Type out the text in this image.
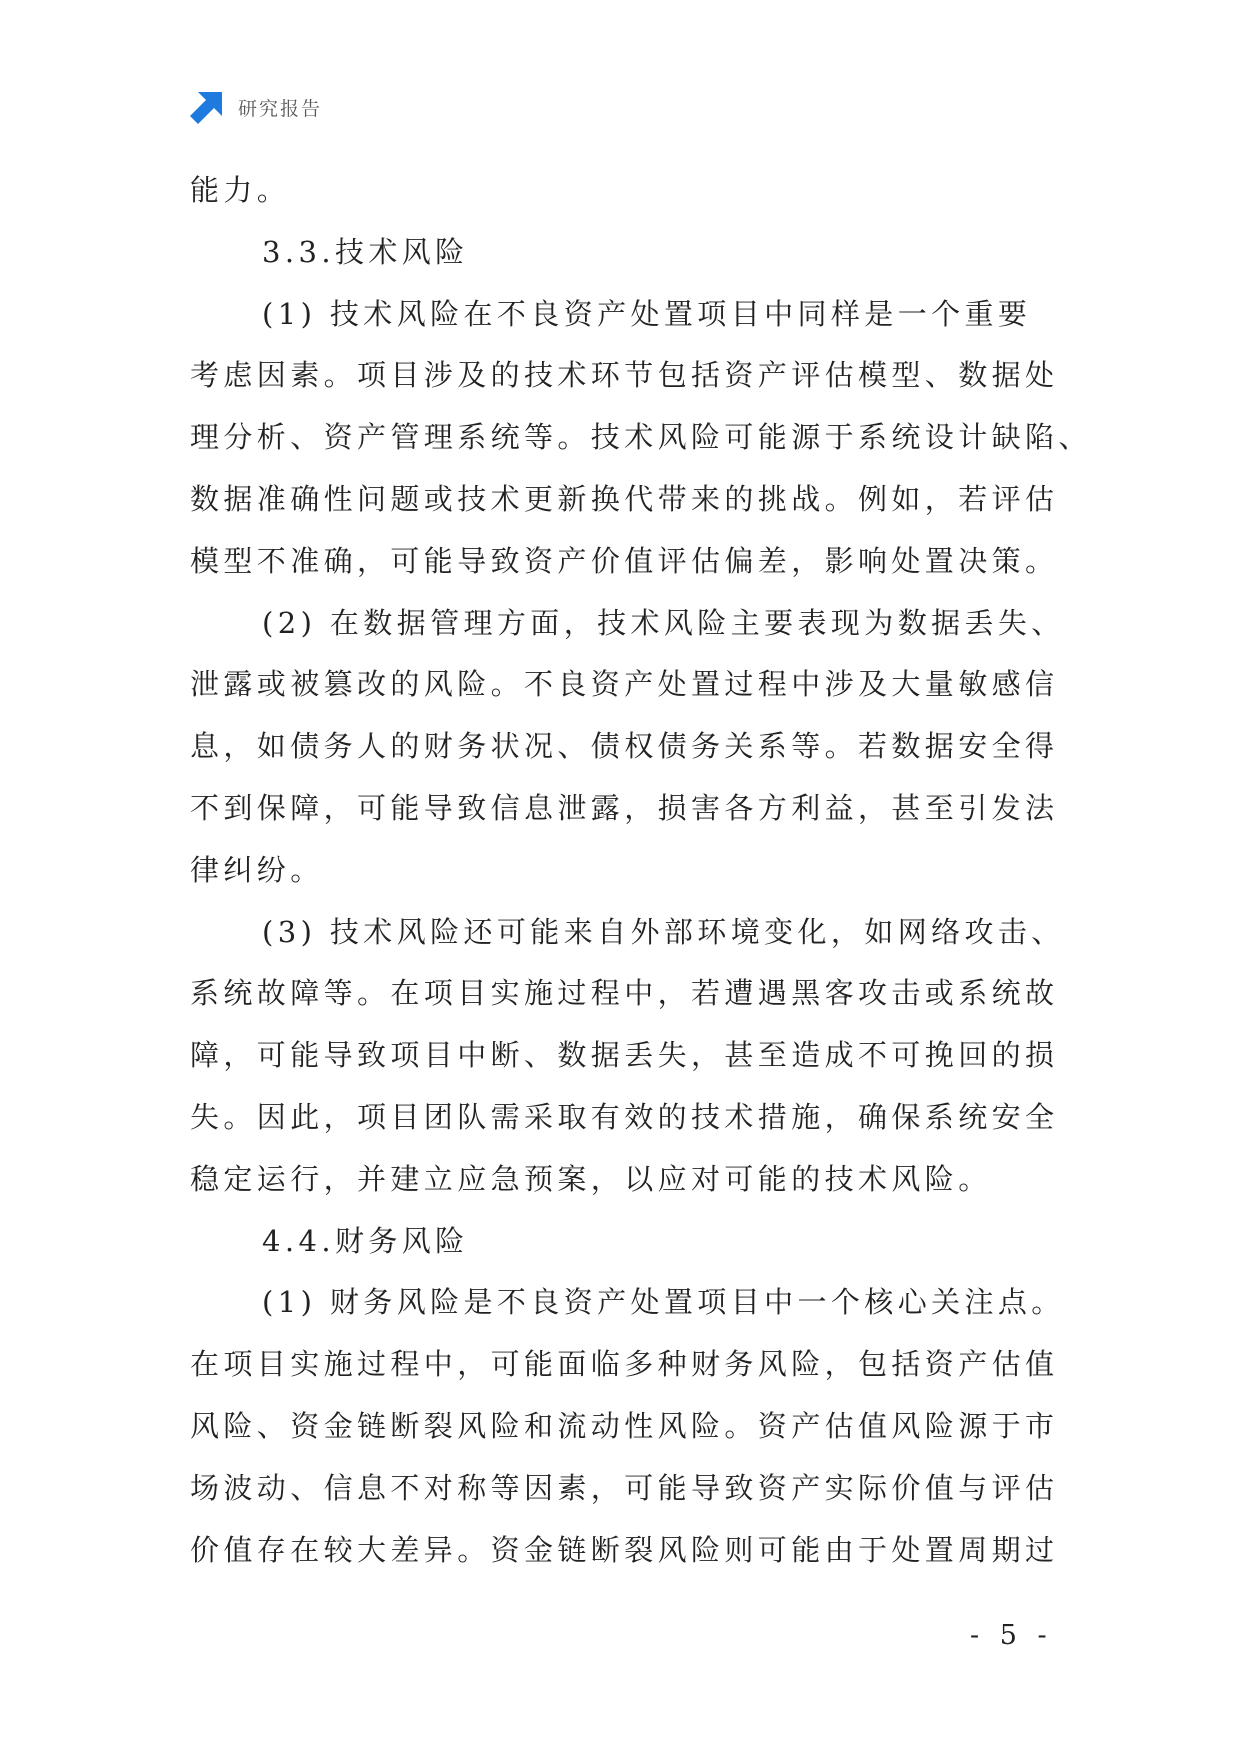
研究报告
能力。
3.3.技术风险
(1) 技术风险在不良资产处置项目中同样是一个重要
考虑因素。项目涉及的技术环节包括资产评估模型、数据处
理分析、资产管理系统等。技术风险可能源于系统设计缺陷、
数据准确性问题或技术更新换代带来的挑战。例如，若评估
模型不准确，可能导致资产价值评估偏差，影响处置决策。
(2) 在数据管理方面，技术风险主要表现为数据丢失、
泄露或被篡改的风险。不良资产处置过程中涉及大量敏感信
息，如债务人的财务状况、债权债务关系等。若数据安全得
不到保障，可能导致信息泄露，损害各方利益，甚至引发法
律纠纷。
(3) 技术风险还可能来自外部环境变化，如网络攻击、
系统故障等。在项目实施过程中，若遭遇黑客攻击或系统故
障，可能导致项目中断、数据丢失，甚至造成不可挽回的损
失。因此，项目团队需采取有效的技术措施，确保系统安全
稳定运行，并建立应急预案，以应对可能的技术风险。
4.4.财务风险
(1) 财务风险是不良资产处置项目中一个核心关注点。
在项目实施过程中，可能面临多种财务风险，包括资产估值
风险、资金链断裂风险和流动性风险。资产估值风险源于市
场波动、信息不对称等因素，可能导致资产实际价值与评估
价值存在较大差异。资金链断裂风险则可能由于处置周期过
- 5 -
